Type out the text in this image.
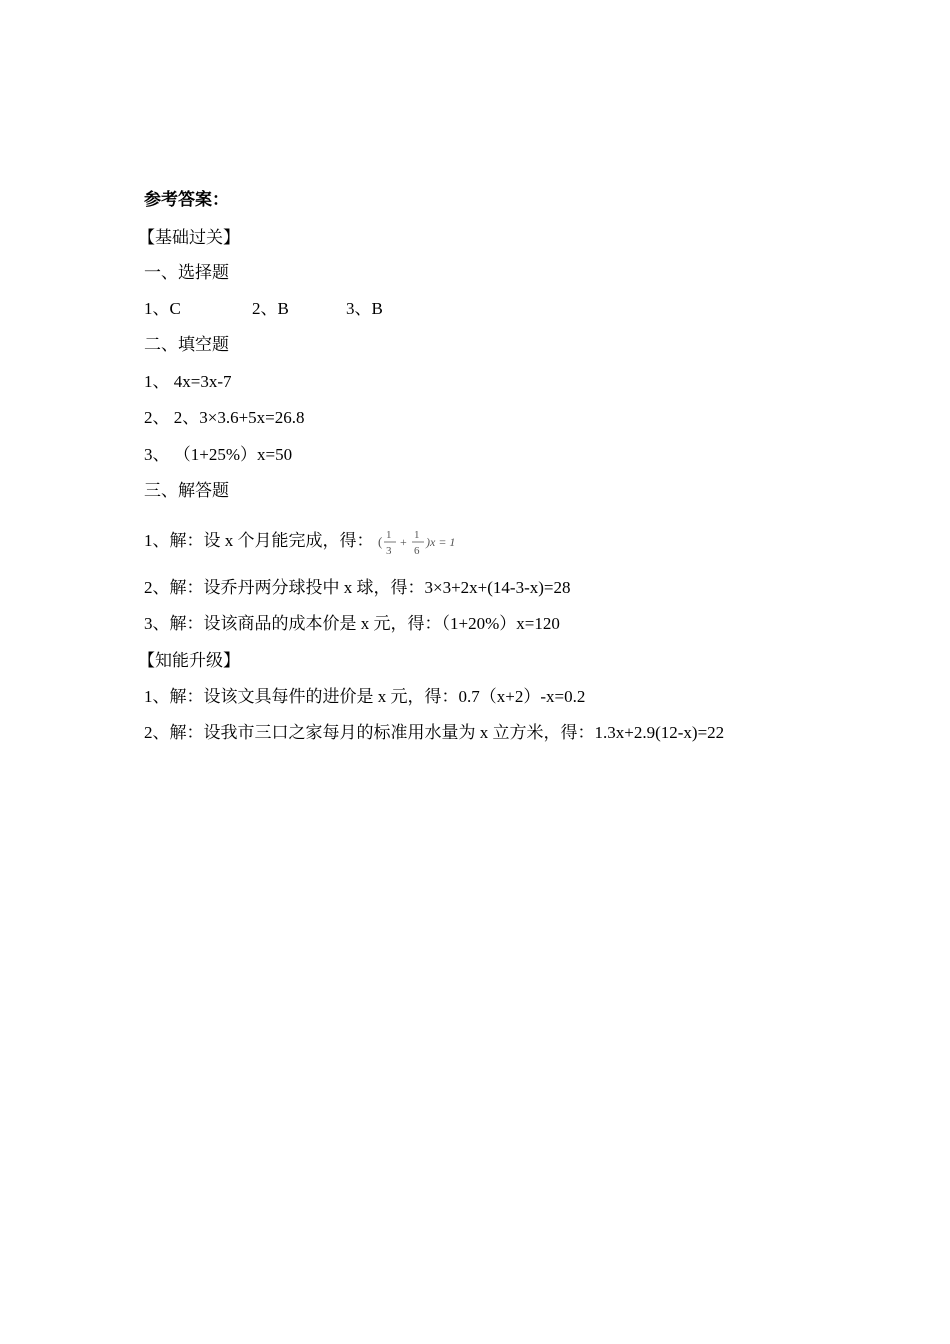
参考答案：
【基础过关】
一、选择题
1、C	2、B	3、B
二、填空题
1、 4x=3x-7
2、 2、3×3.6+5x=26.8
3、 （1+25%）x=50
三、解答题
1、解：设 x 个月能完成，得： ( 1
3
+ 1
6
)x = 1
2、解：设乔丹两分球投中 x 球，得：3×3+2x+(14-3-x)=28
3、解：设该商品的成本价是 x 元，得：（1+20%）x=120
【知能升级】
1、解：设该文具每件的进价是 x 元，得：0.7（x+2）-x=0.2
2、解：设我市三口之家每月的标准用水量为 x 立方米，得：1.3x+2.9(12-x)=22
